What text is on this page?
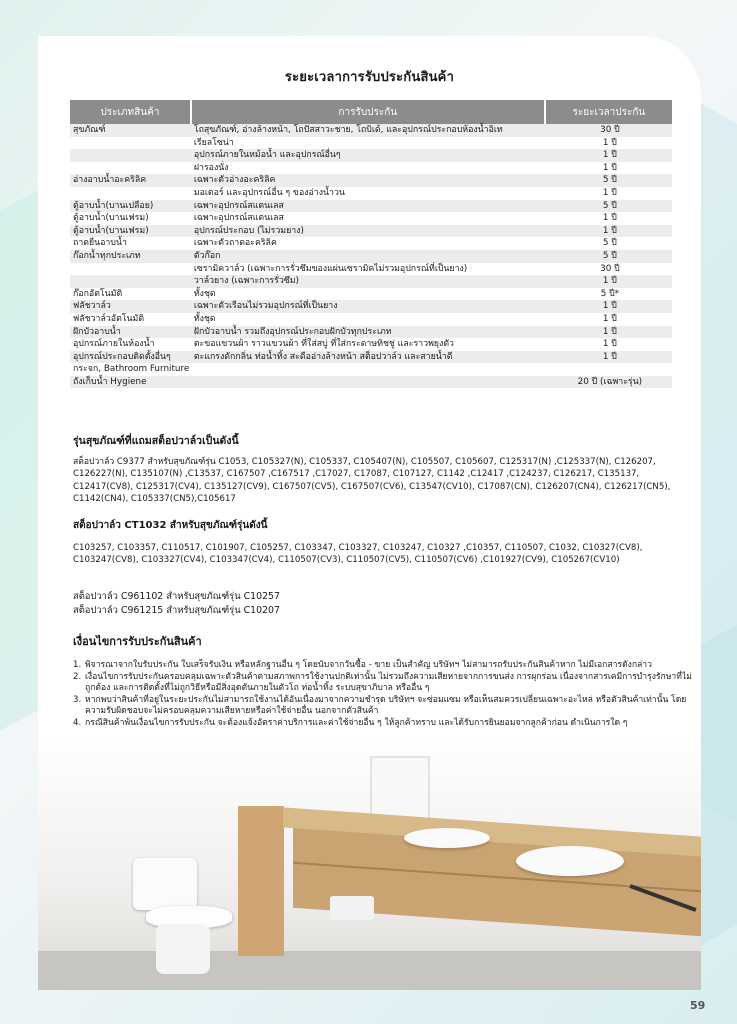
ระยะเวลาการรับประกันสินค้า
ประเภทสินค้า	การรับประกัน	ระยะเวลาประกัน
สุขภัณฑ์	โถสุขภัณฑ์, อ่างล้างหน้า, โถปัสสาวะชาย, โถบิเด้, และอุปกรณ์ประกอบห้องน้ำอิเท	30 ปี
	เรียลโซน่า	1 ปี
	อุปกรณ์ภายในหม้อน้ำ และอุปกรณ์อื่นๆ	1 ปี
	ฝารองนั่ง	1 ปี
อ่างอาบน้ำอะคริลิค	เฉพาะตัวอ่างอะคริลิค	5 ปี
	มอเตอร์ และอุปกรณ์อื่น ๆ ของอ่างน้ำวน	1 ปี
ตู้อาบน้ำ(บานเปลือย)	เฉพาะอุปกรณ์สแตนเลส	5 ปี
ตู้อาบน้ำ(บานเฟรม)	เฉพาะอุปกรณ์สแตนเลส	1 ปี
ตู้อาบน้ำ(บานเฟรม)	อุปกรณ์ประกอบ (ไม่รวมยาง)	1 ปี
ถาดยืนอาบน้ำ	เฉพาะตัวถาดอะคริลิค	5 ปี
ก๊อกน้ำทุกประเภท	ตัวก๊อก	5 ปี
	เซรามิควาล์ว (เฉพาะการรั่วซึมของแผ่นเซรามิคไม่รวมอุปกรณ์ที่เป็นยาง)	30 ปี
	วาล์วยาง (เฉพาะการรั่วซึม)	1 ปี
ก๊อกอัตโนมัติ	ทั้งชุด	5 ปี*
ฟลัชวาล์ว	เฉพาะตัวเรือนไม่รวมอุปกรณ์ที่เป็นยาง	1 ปี
ฟลัชวาล์วอัตโนมัติ	ทั้งชุด	1 ปี
ฝักบัวอาบน้ำ	ฝักบัวอาบน้ำ รวมถึงอุปกรณ์ประกอบฝักบัวทุกประเภท	1 ปี
อุปกรณ์ภายในห้องน้ำ	ตะขอแขวนผ้า ราวแขวนผ้า ที่ใส่สบู่ ที่ใส่กระดาษทิชชู่ และราวพยุงตัว	1 ปี
อุปกรณ์ประกอบติดตั้งอื่นๆ	ตะแกรงดักกลิ่น ท่อน้ำทิ้ง สะดืออ่างล้างหน้า สต็อปวาล์ว และสายน้ำดี	1 ปี
กระจก, Bathroom Furniture		
ถังเก็บน้ำ Hygiene		20 ปี (เฉพาะรุ่น)
รุ่นสุขภัณฑ์ที่แถมสต็อปวาล์วเป็นดังนี้
สต็อปวาล์ว C9377 สำหรับสุขภัณฑ์รุ่น C1053, C105327(N), C105337, C105407(N), C105507, C105607, C125317(N) ,C125337(N), C126207, C126227(N), C135107(N) ,C13537, C167507 ,C167517 ,C17027, C17087, C107127, C1142 ,C12417 ,C124237, C126217, C135137, C12417(CV8), C125317(CV4), C135127(CV9), C167507(CV5), C167507(CV6), C13547(CV10), C17087(CN), C126207(CN4), C126217(CN5), C1142(CN4), C105337(CN5),C105617
สต็อปวาล์ว CT1032 สำหรับสุขภัณฑ์รุ่นดังนี้
C103257, C103357, C110517, C101907, C105257, C103347, C103327, C103247, C10327 ,C10357, C110507, C1032, C10327(CV8), C103247(CV8), C103327(CV4), C103347(CV4), C110507(CV3), C110507(CV5), C110507(CV6) ,C101927(CV9), C105267(CV10)
สต็อปวาล์ว C961102 สำหรับสุขภัณฑ์รุ่น C10257
สต็อปวาล์ว C961215 สำหรับสุขภัณฑ์รุ่น C10207
เงื่อนไขการรับประกันสินค้า
1. พิจารณาจากใบรับประกัน ใบเสร็จรับเงิน หรือหลักฐานอื่น ๆ โดยนับจากวันซื้อ - ขาย เป็นสำคัญ บริษัทฯ ไม่สามารถรับประกันสินค้าหาก ไม่มีเอกสารดังกล่าว
2. เงื่อนไขการรับประกันครอบคลุมเฉพาะตัวสินค้าตามสภาพการใช้งานปกติเท่านั้น ไม่รวมถึงความเสียหายจากการขนส่ง การผุกร่อน เนื่องจากสารเคมีการบำรุงรักษาที่ไม่ถูกต้อง และการติดตั้งที่ไม่ถูกวิธีหรือมีสิ่งอุดตันภายในตัวโถ ท่อน้ำทิ้ง ระบบสุขาภิบาล หรืออื่น ๆ
3. หากพบว่าสินค้าที่อยู่ในระยะประกันไม่สามารถใช้งานได้อันเนื่องมาจากความชำรุด บริษัทฯ จะซ่อมแซม หรือเห็นสมควรเปลี่ยนเฉพาะอะไหล่ หรือตัวสินค้าเท่านั้น โดยความรับผิดชอบจะไม่ครอบคลุมความเสียหายหรือค่าใช้จ่ายอื่น นอกจากตัวสินค้า
4. กรณีสินค้าพ้นเงื่อนไขการรับประกัน จะต้องแจ้งอัตราค่าบริการและค่าใช้จ่ายอื่น ๆ ให้ลูกค้าทราบ และได้รับการยินยอมจากลูกค้าก่อน ดำเนินการใด ๆ
59
